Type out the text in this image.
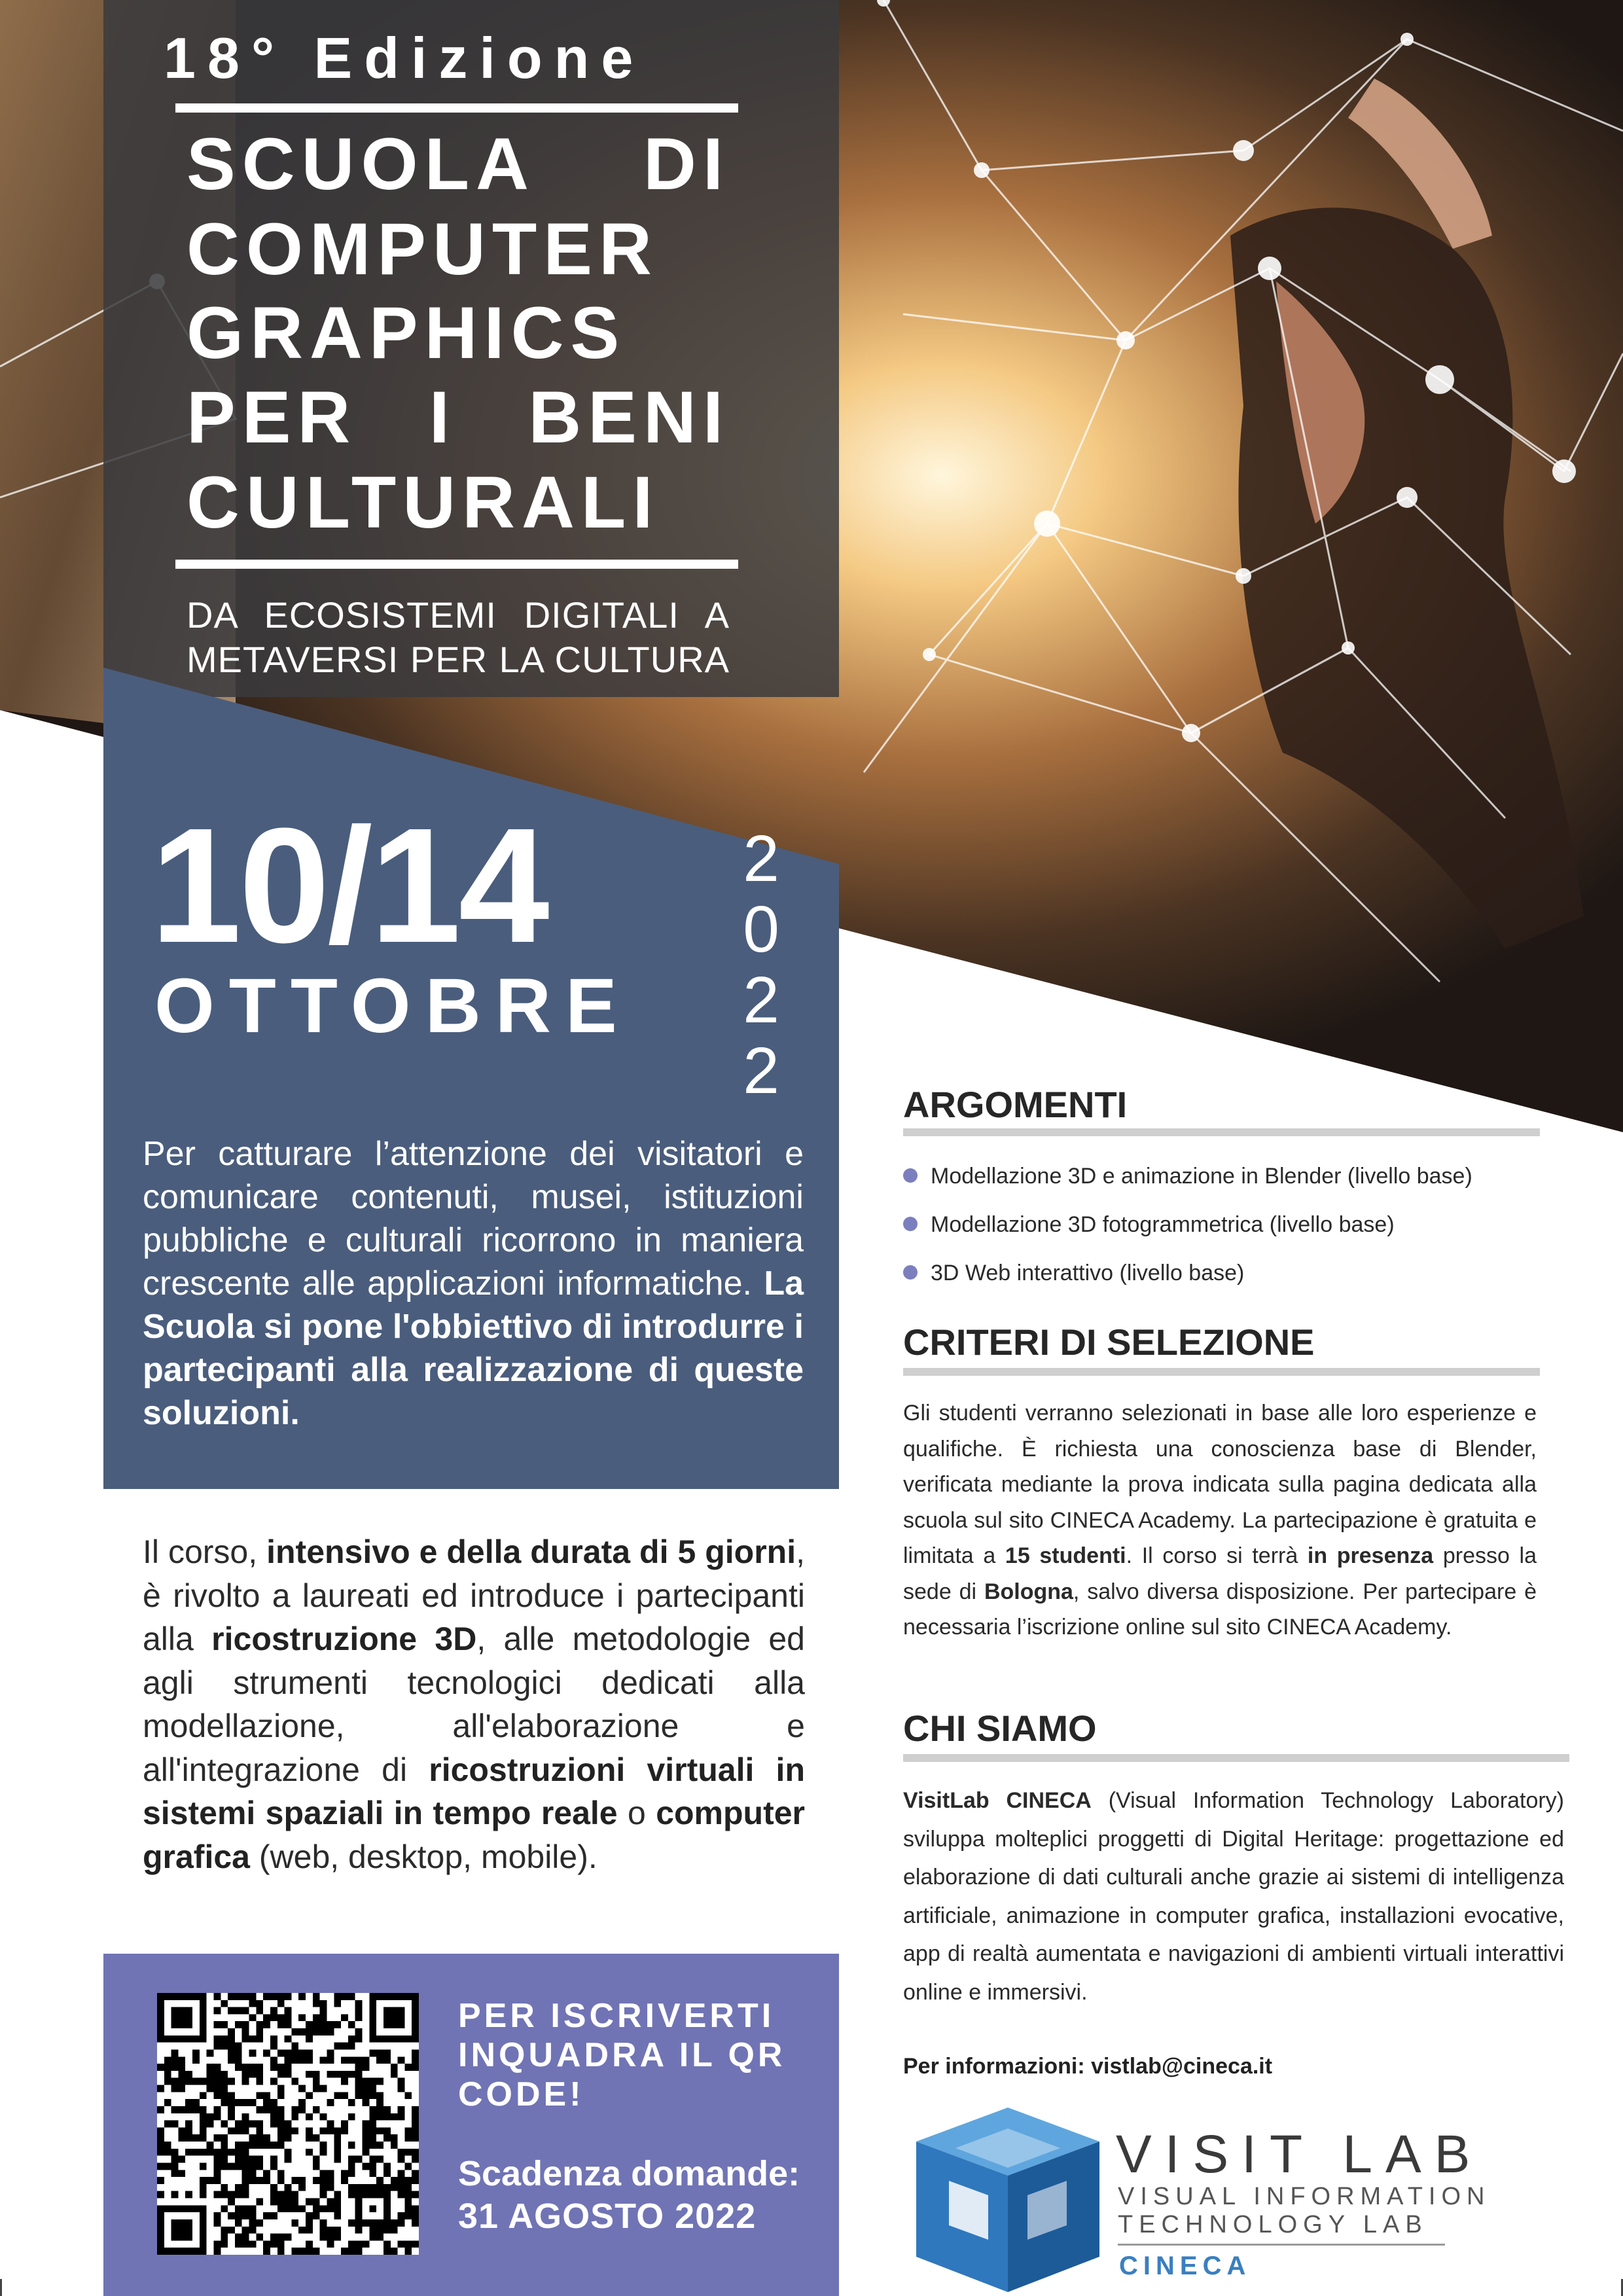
18° Edizione
SCUOLA DI
COMPUTER
GRAPHICS
PER I BENI
CULTURALI
DA ECOSISTEMI DIGITALI A
METAVERSI PER LA CULTURA
10/14
OTTOBRE
2
0
2
2
Per catturare l’attenzione dei visitatori e comunicare contenuti, musei, istituzioni pubbliche e culturali ricorrono in maniera crescente alle applicazioni informatiche. La Scuola si pone l'obbiettivo di introdurre i partecipanti alla realizzazione di queste soluzioni.
Il corso, intensivo e della durata di 5 giorni, è rivolto a laureati ed introduce i partecipanti alla ricostruzione 3D, alle metodologie ed agli strumenti tecnologici dedicati alla modellazione, all'elaborazione e all'integrazione di ricostruzioni virtuali in sistemi spaziali in tempo reale o computer grafica (web, desktop, mobile).
PER ISCRIVERTI
INQUADRA IL QR
CODE!
Scadenza domande:
31 AGOSTO 2022
ARGOMENTI
Modellazione 3D e animazione in Blender (livello base)
Modellazione 3D fotogrammetrica (livello base)
3D Web interattivo (livello base)
CRITERI DI SELEZIONE
Gli studenti verranno selezionati in base alle loro esperienze e qualifiche. È richiesta una conoscienza base di Blender, verificata mediante la prova indicata sulla pagina dedicata alla scuola sul sito CINECA Academy. La partecipazione è gratuita e limitata a 15 studenti. Il corso si terrà in presenza presso la sede di Bologna, salvo diversa disposizione. Per partecipare è necessaria l’iscrizione online sul sito CINECA Academy.
CHI SIAMO
VisitLab CINECA (Visual Information Technology Laboratory) sviluppa molteplici proggetti di Digital Heritage: progettazione ed elaborazione di dati culturali anche grazie ai sistemi di intelligenza artificiale, animazione in computer grafica, installazioni evocative, app di realtà aumentata e navigazioni di ambienti virtuali interattivi online e immersivi.
Per informazioni: vistlab@cineca.it
VISIT LAB
VISUAL INFORMATION
TECHNOLOGY LAB
CINECA
